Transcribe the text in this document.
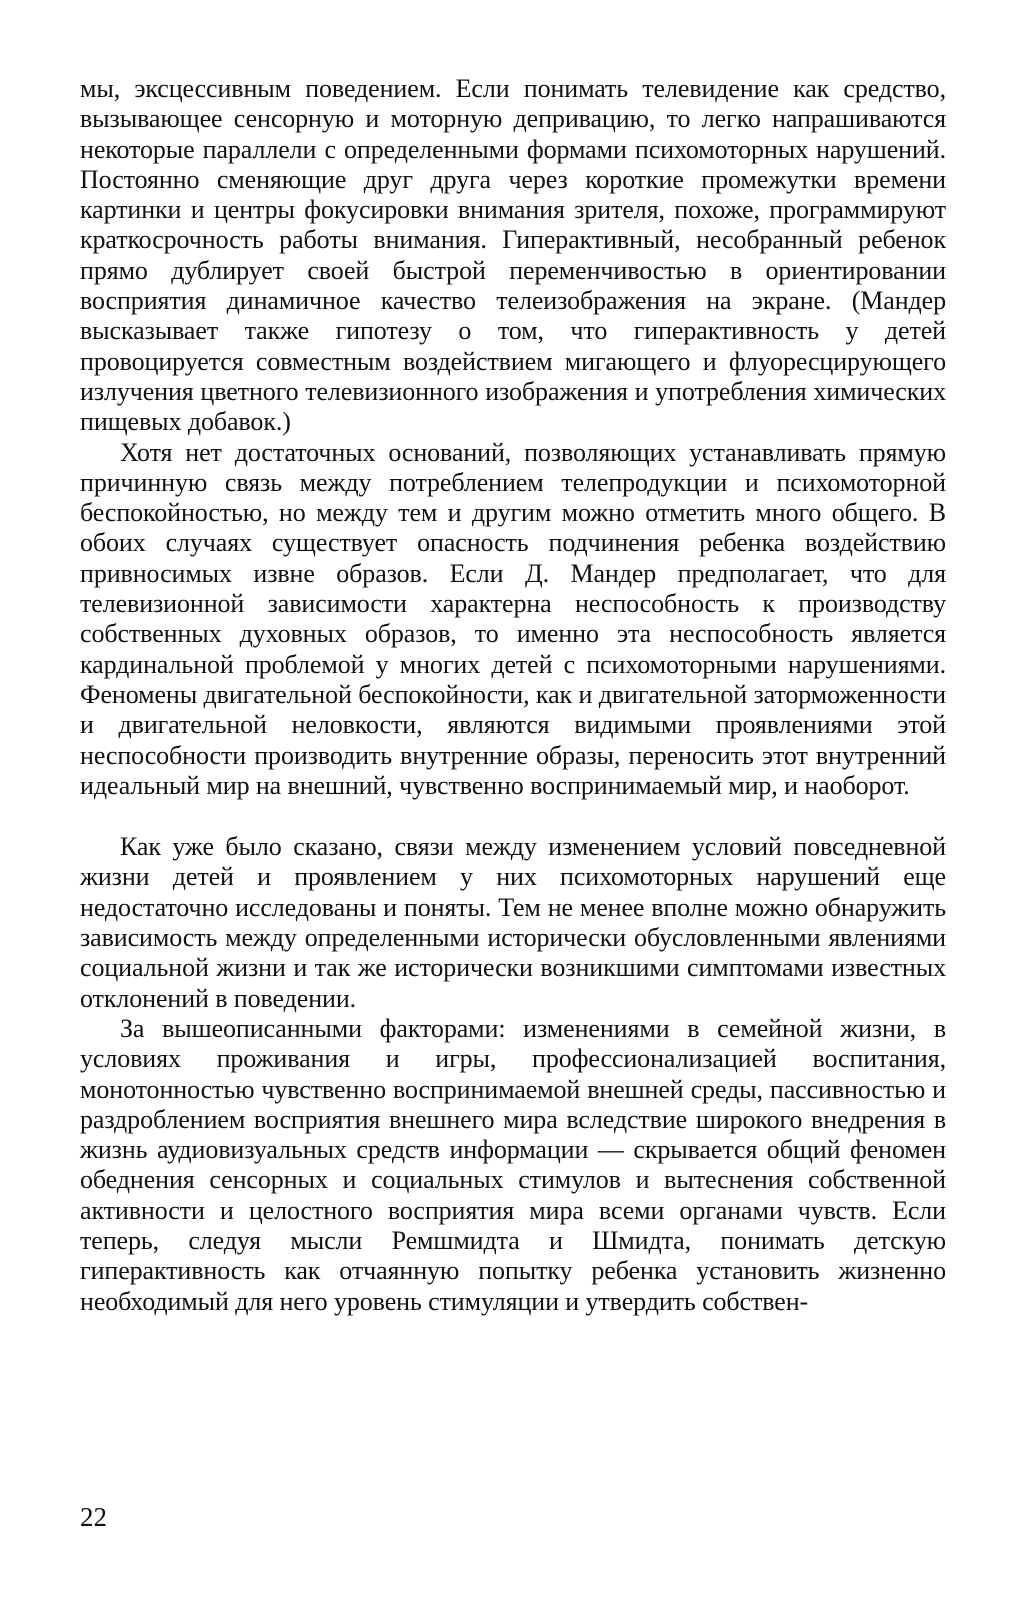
мы, эксцессивным поведением. Если понимать телевидение как средство, вызывающее сенсорную и моторную депривацию, то легко напрашиваются некоторые параллели с определенными формами психомоторных нарушений. Постоянно сменяющие друг друга через короткие промежутки времени картинки и центры фокусировки внимания зрителя, похоже, программируют краткосрочность работы внимания. Гиперактивный, несобранный ребенок прямо дублирует своей быстрой переменчивостью в ориентировании восприятия динамичное качество телеизображения на экране. (Мандер высказывает также гипотезу о том, что гиперактивность у детей провоцируется совместным воздействием мигающего и флуоресцирующего излучения цветного телевизионного изображения и употребления химических пищевых добавок.)

Хотя нет достаточных оснований, позволяющих устанавливать прямую причинную связь между потреблением телепродукции и психомоторной беспокойностью, но между тем и другим можно отметить много общего. В обоих случаях существует опасность подчинения ребенка воздействию привносимых извне образов. Если Д. Мандер предполагает, что для телевизионной зависимости характерна неспособность к производству собственных духовных образов, то именно эта неспособность является кардинальной проблемой у многих детей с психомоторными нарушениями. Феномены двигательной беспокойности, как и двигательной заторможенности и двигательной неловкости, являются видимыми проявлениями этой неспособности производить внутренние образы, переносить этот внутренний идеальный мир на внешний, чувственно воспринимаемый мир, и наоборот.

Как уже было сказано, связи между изменением условий повседневной жизни детей и проявлением у них психомоторных нарушений еще недостаточно исследованы и поняты. Тем не менее вполне можно обнаружить зависимость между определенными исторически обусловленными явлениями социальной жизни и так же исторически возникшими симптомами известных отклонений в поведении.

За вышеописанными факторами: изменениями в семейной жизни, в условиях проживания и игры, профессионализацией воспитания, монотонностью чувственно воспринимаемой внешней среды, пассивностью и раздроблением восприятия внешнего мира вследствие широкого внедрения в жизнь аудиовизуальных средств информации — скрывается общий феномен обеднения сенсорных и социальных стимулов и вытеснения собственной активности и целостного восприятия мира всеми органами чувств. Если теперь, следуя мысли Ремшмидта и Шмидта, понимать детскую гиперактивность как отчаянную попытку ребенка установить жизненно необходимый для него уровень стимуляции и утвердить собствен-

22
